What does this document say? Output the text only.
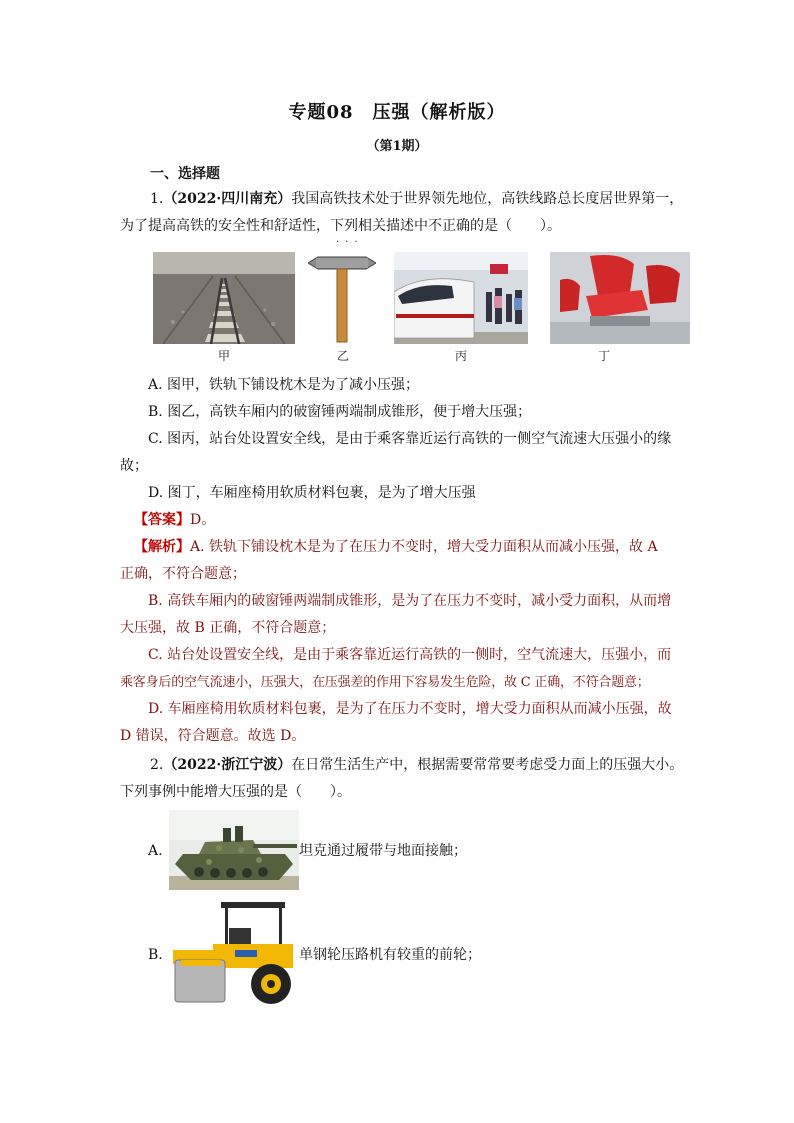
专题08　压强（解析版）
（第1期）
一、选择题
1.（2022·四川南充）我国高铁技术处于世界领先地位，高铁线路总长度居世界第一，
为了提高高铁的安全性和舒适性，下列相关描述中不正确的是（　　）。
···
甲	乙	丙	丁
A. 图甲，铁轨下铺设枕木是为了减小压强；
B. 图乙，高铁车厢内的破窗锤两端制成锥形，便于增大压强；
C. 图丙，站台处设置安全线，是由于乘客靠近运行高铁的一侧空气流速大压强小的缘
故；
D. 图丁，车厢座椅用软质材料包裹，是为了增大压强
【答案】D。
【解析】A. 铁轨下铺设枕木是为了在压力不变时，增大受力面积从而减小压强，故 A
正确，不符合题意；
B. 高铁车厢内的破窗锤两端制成锥形，是为了在压力不变时，减小受力面积，从而增
大压强，故 B 正确，不符合题意；
C. 站台处设置安全线，是由于乘客靠近运行高铁的一侧时，空气流速大，压强小，而
乘客身后的空气流速小，压强大，在压强差的作用下容易发生危险，故 C 正确，不符合题意；
D. 车厢座椅用软质材料包裹，是为了在压力不变时，增大受力面积从而减小压强，故
D 错误，符合题意。故选 D。
2.（2022·浙江宁波）在日常生活生产中，根据需要常常要考虑受力面上的压强大小。
下列事例中能增大压强的是（　　）。
A.	坦克通过履带与地面接触；
B.	单钢轮压路机有较重的前轮；
